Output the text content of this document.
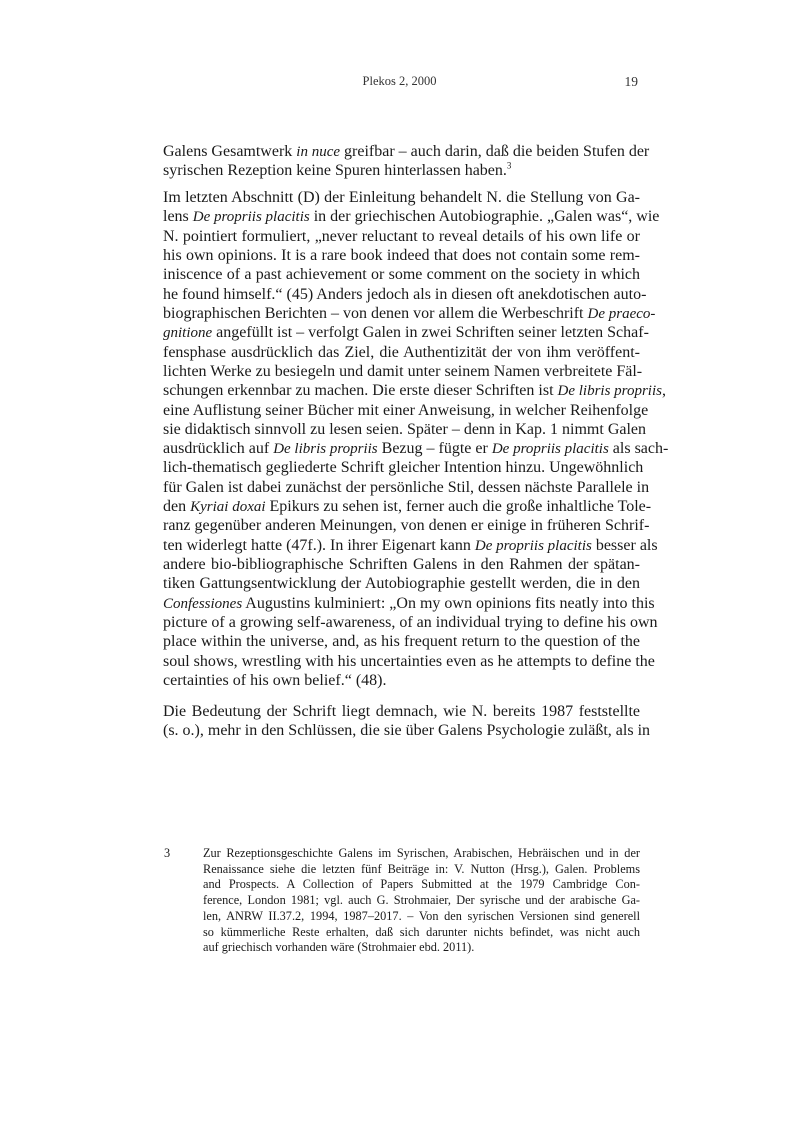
Plekos 2, 2000	19
Galens Gesamtwerk in nuce greifbar – auch darin, daß die beiden Stufen der
syrischen Rezeption keine Spuren hinterlassen haben.$^3$
Im letzten Abschnitt (D) der Einleitung behandelt N. die Stellung von Ga-
lens De propriis placitis in der griechischen Autobiographie. „Galen was“, wie
N. pointiert formuliert, „never reluctant to reveal details of his own life or
his own opinions. It is a rare book indeed that does not contain some rem-
iniscence of a past achievement or some comment on the society in which
he found himself.“ (45) Anders jedoch als in diesen oft anekdotischen auto-
biographischen Berichten – von denen vor allem die Werbeschrift De praeco-
gnitione angefüllt ist – verfolgt Galen in zwei Schriften seiner letzten Schaf-
fensphase ausdrücklich das Ziel, die Authentizität der von ihm veröffent-
lichten Werke zu besiegeln und damit unter seinem Namen verbreitete Fäl-
schungen erkennbar zu machen. Die erste dieser Schriften ist De libris propriis,
eine Auflistung seiner Bücher mit einer Anweisung, in welcher Reihenfolge
sie didaktisch sinnvoll zu lesen seien. Später – denn in Kap. 1 nimmt Galen
ausdrücklich auf De libris propriis Bezug – fügte er De propriis placitis als sach-
lich-thematisch gegliederte Schrift gleicher Intention hinzu. Ungewöhnlich
für Galen ist dabei zunächst der persönliche Stil, dessen nächste Parallele in
den Kyriai doxai Epikurs zu sehen ist, ferner auch die große inhaltliche Tole-
ranz gegenüber anderen Meinungen, von denen er einige in früheren Schrif-
ten widerlegt hatte (47f.). In ihrer Eigenart kann De propriis placitis besser als
andere bio-bibliographische Schriften Galens in den Rahmen der spätan-
tiken Gattungsentwicklung der Autobiographie gestellt werden, die in den
Confessiones Augustins kulminiert: „On my own opinions fits neatly into this
picture of a growing self-awareness, of an individual trying to define his own
place within the universe, and, as his frequent return to the question of the
soul shows, wrestling with his uncertainties even as he attempts to define the
certainties of his own belief.“ (48).
Die Bedeutung der Schrift liegt demnach, wie N. bereits 1987 feststellte
(s. o.), mehr in den Schlüssen, die sie über Galens Psychologie zuläßt, als in
3	Zur Rezeptionsgeschichte Galens im Syrischen, Arabischen, Hebräischen und in der
Renaissance siehe die letzten fünf Beiträge in: V. Nutton (Hrsg.), Galen. Problems
and Prospects. A Collection of Papers Submitted at the 1979 Cambridge Con-
ference, London 1981; vgl. auch G. Strohmaier, Der syrische und der arabische Ga-
len, ANRW II.37.2, 1994, 1987–2017. – Von den syrischen Versionen sind generell
so kümmerliche Reste erhalten, daß sich darunter nichts befindet, was nicht auch
auf griechisch vorhanden wäre (Strohmaier ebd. 2011).
